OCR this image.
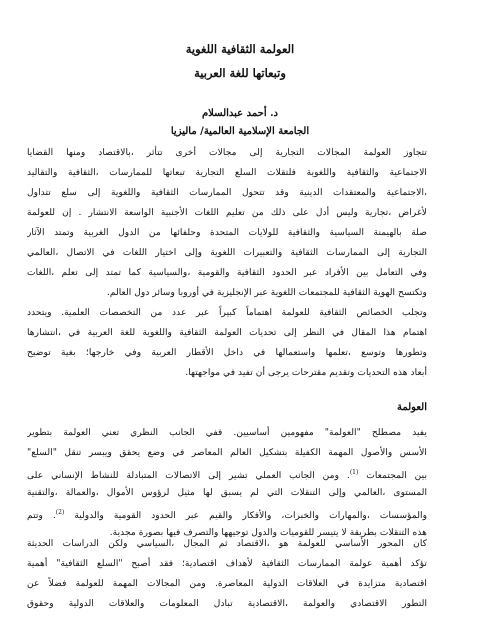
العولمة الثقافية اللغوية
وتبعاتها للغة العربية
د. أحمد عبدالسلام
الجامعة الإسلامية العالمية/ ماليزيا
تتجاوز العولمة المجالات التجارية إلى مجالات أخرى تتأثر ،بالاقتصاد ومنها القضايا
الاجتماعية والثقافية واللغوية فلتقلات السلع التجارية تبعاتها للممارسات ،الثقافية والتقاليد
،الاجتماعية والمعتقدات الدينية وقد تتحول الممارسات الثقافية واللغوية إلى سلع تتداول
لأغراض ،تجارية وليس أدل على ذلك من تعليم اللغات الأجنبية الواسعة الانتشار . إن للعولمة
صلة بالهيمنة السياسية والثقافية للولايات المتحدة وحلفائها من الدول الغربية وتمتد الآثار
التجارية إلى الممارسات الثقافية والتعبيرات اللغوية وإلى اختيار اللغات في الاتصال ،العالمي
وفي التعامل بين الأفراد عبر الحدود الثقافية والقومية ،والسياسية كما تمتد إلى تعلم ،اللغات
وتكتسح الهوية الثقافية للمجتمعات اللغوية عبر الإنجليزية في أوروبا وسائر دول العالم.
وتجلب الخصائص الثقافية للعولمة اهتماماً كبيراً عبر عدد من التخصصات العلمية. ويتحدد
اهتمام هذا المقال في النظر إلى تحديات العولمة الثقافية واللغوية للغة العربية في ،انتشارها
وتطورها وتوسع ،تعلمها واستعمالها في داخل الأقطار العربية وفي خارجها؛ بغية توضيح
أبعاد هذه التحديات وتقديم مقترحات يرجى أن تفيد في مواجهتها.
العولمة
يفيد مصطلح "العولمة" مفهومين أساسيين. ففي الجانب النظري تعني العولمة بتطوير
الأسس والأصول المهمة الكفيلة بتشكيل العالم المعاصر في وضع يحقق ويبسر تنقل "السلع"
بين المجتمعات $^{(1)}$. ومن الجانب العملي تشير إلى الاتصالات المتبادلة للنشاط الإنساني على
المستوى ،العالمي وإلى التنقلات التي لم يسبق لها مثيل لرؤوس الأموال ،والعمالة ،والتقنية
والمؤسسات ،والمهارات والخبرات، والأفكار والقيم عبر الحدود القومية والدولية $^{(2)}$. وتتم
هذه التنقلات بطريقة لا يتيسر للقوميات والدول توجيهها والتصرف فيها بصورة مجدية.
كان المحور الأساسي للعولمة هو ،الاقتصاد ثم المجال ،السياسي ولكن الدراسات الحديثة
تؤكد أهمية عولمة الممارسات الثقافية لأهداف اقتصادية؛ فقد أصبح "السلع الثقافية" أهمية
اقتصادية متزايدة في العلاقات الدولية المعاصرة. ومن المجالات المهمة للعولمة فضلاً عن
التطور الاقتصادي والعولمة ،الاقتصادية تبادل المعلومات والعلاقات الدولية وحقوق
